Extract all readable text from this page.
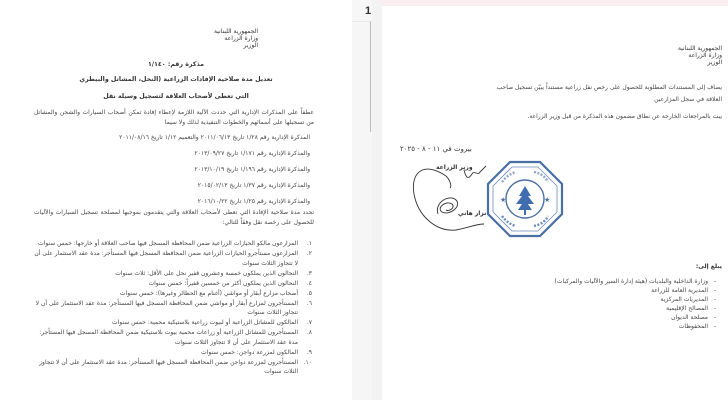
1
الجمهورية اللبنانية
وزارة الزراعة
الوزير
مذكرة رقم: ١/١٤٠
تعديل مدة صلاحية الإفادات الزراعية (النحل، المشاتل والبيطري
التي تعطى لأصحاب العلاقة لتسجيل وسيلة نقل
عطفاً على المذكرات الإدارية التي حددت الآلية اللازمة لإعطاء إفادة تمكن أصحاب السيارات والشحن والمشاتل من تسجيلها على أسمائهم والخطوات التنفيذية لذلك ولا سيما
المذكرة الإدارية رقم ١/٢٨ تاريخ ٢٠١١/٠٦/١٣ والتعميم ١/١٢ تاريخ ٢٠١١/٠٨/١٦
والمذكرة الإدارية رقم ١/١٧١ تاريخ ٢٠١٣/٠٩/٢٧
والمذكرة الإدارية رقم ١/١٩٦ تاريخ ٢٠١٣/١٠/١٩
والمذكرة الإدارية رقم ١/٣٧ تاريخ ٢٠١٥/٠٢/١٣
والمذكرة الإدارية رقم ١/٢٥ تاريخ ٢٠١٦/١٠/٢٢
تحدد مدة صلاحية الإفادة التي تعطى لأصحاب العلاقة والتي يتقدمون بموجبها لمصلحة تسجيل السيارات والآليات للحصول على رخصة نقل وفقاً للتالي:
١.
المزارعون مالكو الحيازات الزراعية ضمن المحافظة المسجل فيها صاحب العلاقة أو خارجها: خمس سنوات
٢.
المزارعون مستأجرو الحيازات الزراعية ضمن المحافظة المسجل فيها المستأجر: مدة عقد الاستثمار على أن لا تتجاوز الثلاث سنوات
٣.
النحالون الذين يملكون خمسة وعشرون قفير نحل على الأقل: ثلاث سنوات
٤.
النحالون الذين يملكون أكثر من خمسين قفيراً: خمس سنوات
٥.
أصحاب مزارع أبقار أو مواشي (أغنام مع الحظائر وغيرها): خمس سنوات
٦.
المستأجرون لمزارع أبقار أو مواشي ضمن المحافظة المسجل فيها المستأجر: مدة عقد الاستثمار على أن لا تتجاوز الثلاث سنوات
٧.
المالكون للمشاتل الزراعية أو لبيوت زراعية بلاستيكية محمية: خمس سنوات
٨.
المستأجرون للمشاتل الزراعية أو زراعات محمية بيوت بلاستيكية ضمن المحافظة المسجل فيها المستأجر: مدة عقد الاستثمار على أن لا تتجاوز الثلاث سنوات
٩.
المالكون لمزرعة دواجن: خمس سنوات
١٠.
المستأجرون لمزرعة دواجن ضمن المحافظة المسجل فيها المستأجر: مدة عقد الاستثمار على أن لا تتجاوز الثلاث سنوات
الجمهورية اللبنانية
وزارة الزراعة
الوزير
يضاف إلى المستندات المطلوبة للحصول على رخص نقل زراعية مستنداً يبيّن تسجيل صاحب
العلاقة في سجل المزارعين
يبت بالمراجعات الخارجة عن نطاق مضمون هذه المذكرة من قبل وزير الزراعة.
يبلغ إلى:
-وزارة الداخلية والبلديات (هيئة إدارة السير والآليات والمركبات)
-المديرية العامة للزراعة
-المديريات المركزية
-المصالح الإقليمية
-مصلحة الديوان
-المحفوظات
بيروت في ١١ - ٨ - ٢٠٢٥
وزير الزراعة
نزار هاني
★	★
